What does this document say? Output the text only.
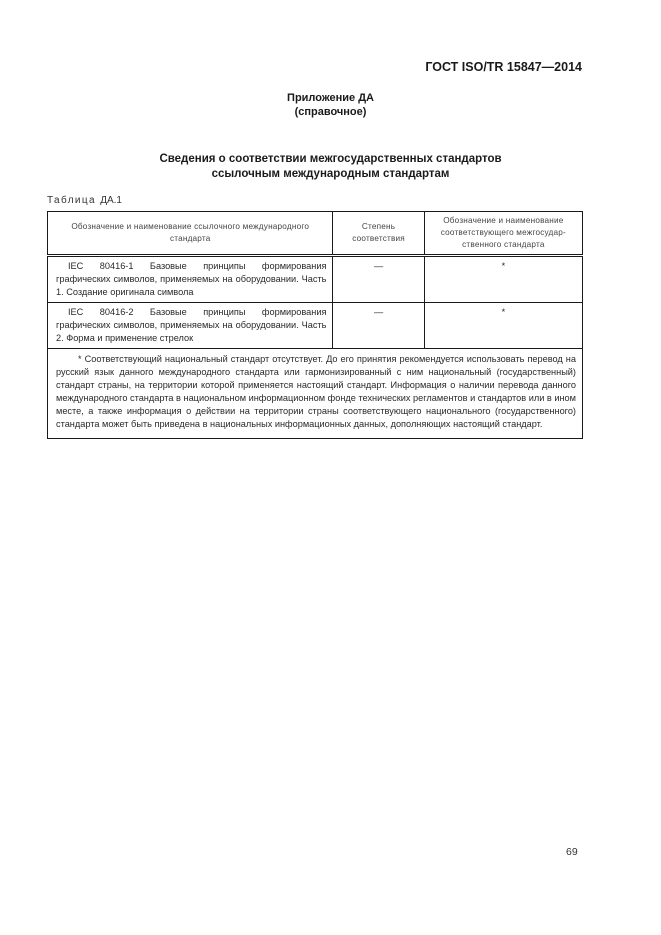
ГОСТ ISO/TR 15847—2014
Приложение ДА
(справочное)
Сведения о соответствии межгосударственных стандартов
ссылочным международным стандартам
Таблица ДА.1
Обозначение и наименование ссылочного международного стандарта	Степень соответствия	Обозначение и наименование соответствующего межгосудар-ственного стандарта
IEC 80416-1 Базовые принципы формирования графических символов, применяемых на оборудовании. Часть 1. Создание оригинала символа	—	*
IEC 80416-2 Базовые принципы формирования графических символов, применяемых на оборудовании. Часть 2. Форма и применение стрелок	—	*

* Соответствующий национальный стандарт отсутствует. До его принятия рекомендуется использовать перевод на русский язык данного международного стандарта или гармонизированный с ним национальный (государственный) стандарт страны, на территории которой применяется настоящий стандарт. Информация о наличии перевода данного международного стандарта в национальном информационном фонде технических регламентов и стандартов или в ином месте, а также информация о действии на территории страны соответствующего национального (государственного) стандарта может быть приведена в национальных информационных данных, дополняющих настоящий стандарт.		
69
